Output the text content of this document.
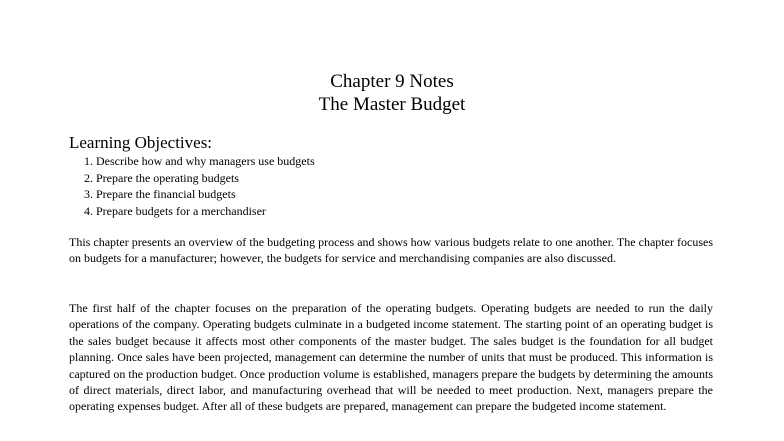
Chapter 9 Notes
The Master Budget
Learning Objectives:
1. Describe how and why managers use budgets
2. Prepare the operating budgets
3. Prepare the financial budgets
4. Prepare budgets for a merchandiser

This chapter presents an overview of the budgeting process and shows how various budgets relate to one another. The chapter focuses on budgets for a manufacturer; however, the budgets for service and merchandising companies are also discussed.

The first half of the chapter focuses on the preparation of the operating budgets. Operating budgets are needed to run the daily operations of the company. Operating budgets culminate in a budgeted income statement. The starting point of an operating budget is the sales budget because it affects most other components of the master budget. The sales budget is the foundation for all budget planning. Once sales have been projected, management can determine the number of units that must be produced. This information is captured on the production budget. Once production volume is established, managers prepare the budgets by determining the amounts of direct materials, direct labor, and manufacturing overhead that will be needed to meet production. Next, managers prepare the operating expenses budget. After all of these budgets are prepared, management can prepare the budgeted income statement.
